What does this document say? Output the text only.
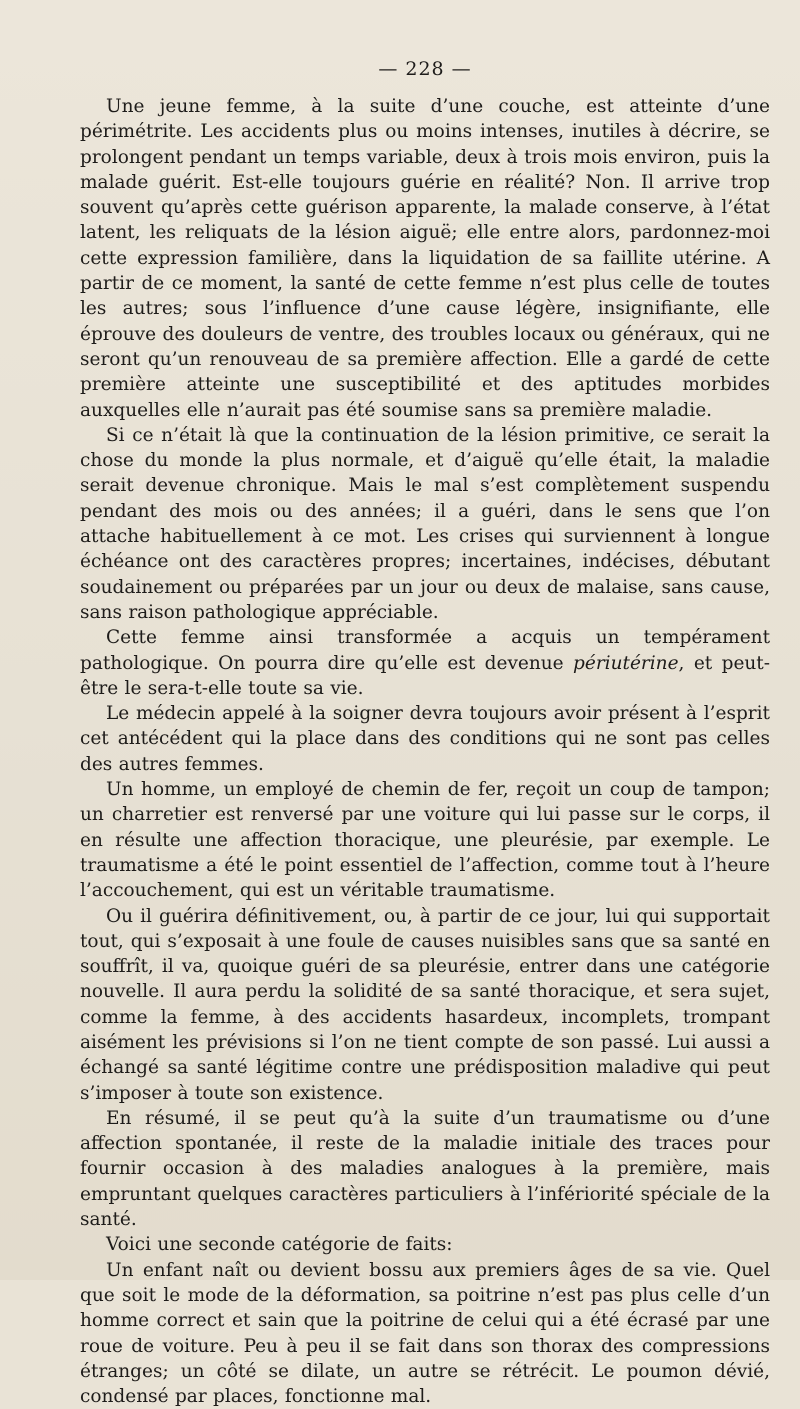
— 228 —

Une jeune femme, à la suite d’une couche, est atteinte d’une périmétrite. Les accidents plus ou moins intenses, inutiles à décrire, se prolongent pendant un temps variable, deux à trois mois environ, puis la malade guérit. Est-elle toujours guérie en réalité? Non. Il arrive trop souvent qu’après cette guérison apparente, la malade conserve, à l’état latent, les reliquats de la lésion aiguë; elle entre alors, pardonnez-moi cette expression familière, dans la liquidation de sa faillite utérine. A partir de ce moment, la santé de cette femme n’est plus celle de toutes les autres; sous l’influence d’une cause légère, insignifiante, elle éprouve des douleurs de ventre, des troubles locaux ou généraux, qui ne seront qu’un renouveau de sa première affection. Elle a gardé de cette première atteinte une susceptibilité et des aptitudes morbides auxquelles elle n’aurait pas été soumise sans sa première maladie.

Si ce n’était là que la continuation de la lésion primitive, ce serait la chose du monde la plus normale, et d’aiguë qu’elle était, la maladie serait devenue chronique. Mais le mal s’est complètement suspendu pendant des mois ou des années; il a guéri, dans le sens que l’on attache habituellement à ce mot. Les crises qui surviennent à longue échéance ont des caractères propres; incertaines, indécises, débutant soudainement ou préparées par un jour ou deux de malaise, sans cause, sans raison pathologique appréciable.

Cette femme ainsi transformée a acquis un tempérament pathologique. On pourra dire qu’elle est devenue périutérine, et peut-être le sera-t-elle toute sa vie.

Le médecin appelé à la soigner devra toujours avoir présent à l’esprit cet antécédent qui la place dans des conditions qui ne sont pas celles des autres femmes.

Un homme, un employé de chemin de fer, reçoit un coup de tampon; un charretier est renversé par une voiture qui lui passe sur le corps, il en résulte une affection thoracique, une pleurésie, par exemple. Le traumatisme a été le point essentiel de l’affection, comme tout à l’heure l’accouchement, qui est un véritable traumatisme.

Ou il guérira définitivement, ou, à partir de ce jour, lui qui supportait tout, qui s’exposait à une foule de causes nuisibles sans que sa santé en souffrît, il va, quoique guéri de sa pleurésie, entrer dans une catégorie nouvelle. Il aura perdu la solidité de sa santé thoracique, et sera sujet, comme la femme, à des accidents hasardeux, incomplets, trompant aisément les prévisions si l’on ne tient compte de son passé. Lui aussi a échangé sa santé légitime contre une prédisposition maladive qui peut s’imposer à toute son existence.

En résumé, il se peut qu’à la suite d’un traumatisme ou d’une affection spontanée, il reste de la maladie initiale des traces pour fournir occasion à des maladies analogues à la première, mais empruntant quelques caractères particuliers à l’infériorité spéciale de la santé.

Voici une seconde catégorie de faits:

Un enfant naît ou devient bossu aux premiers âges de sa vie. Quel que soit le mode de la déformation, sa poitrine n’est pas plus celle d’un homme correct et sain que la poitrine de celui qui a été écrasé par une roue de voiture. Peu à peu il se fait dans son thorax des compressions étranges; un côté se dilate, un autre se rétrécit. Le poumon dévié, condensé par places, fonctionne mal.
